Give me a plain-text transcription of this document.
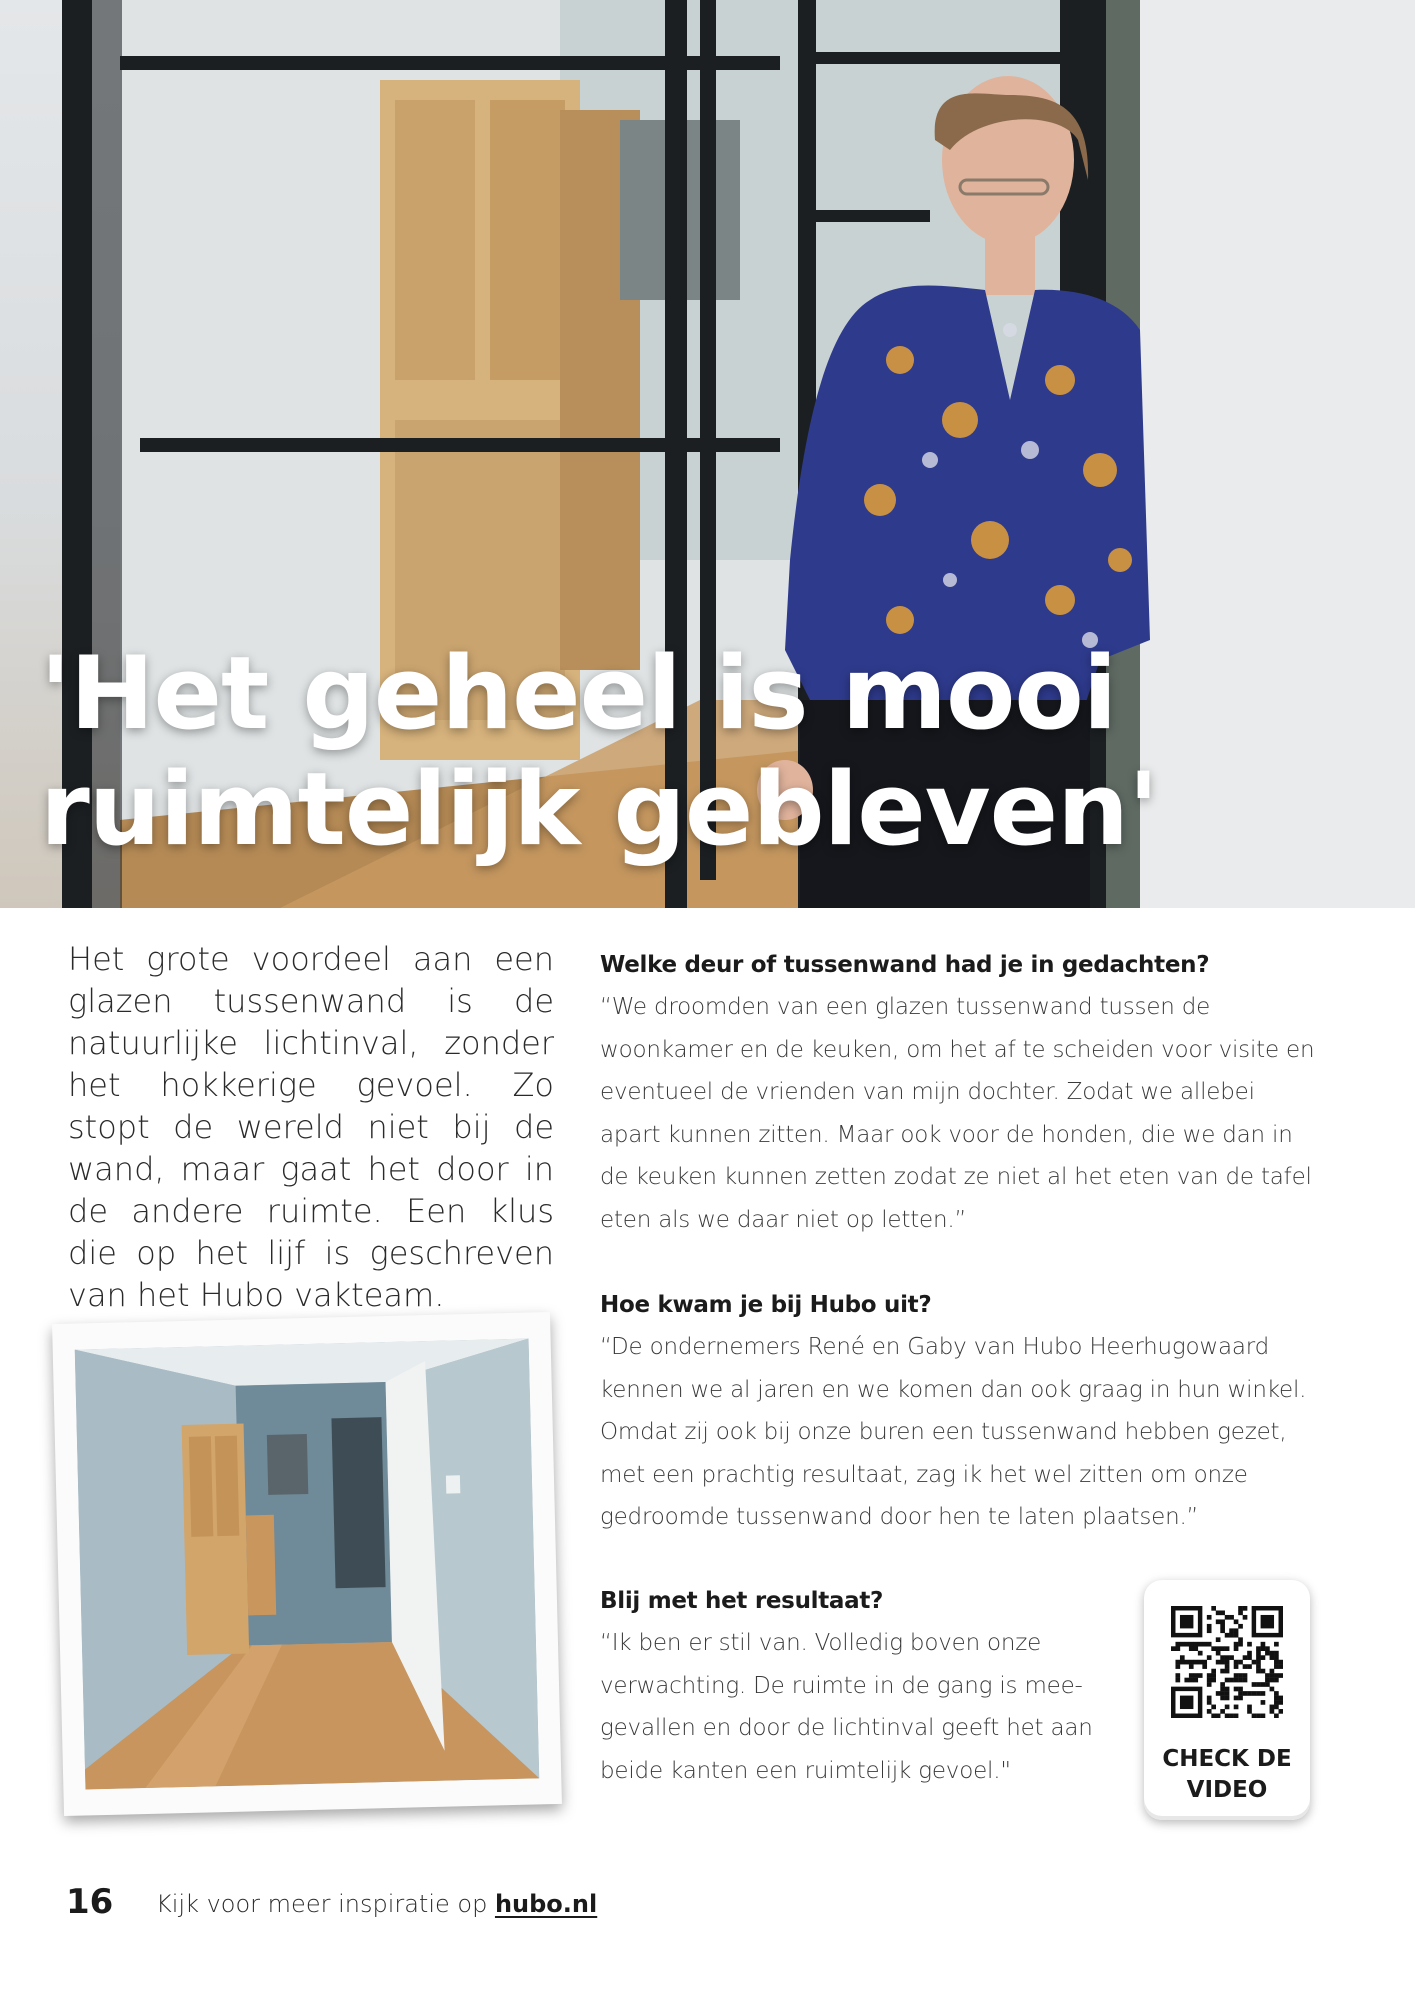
'Het geheel is mooi
ruimtelijk gebleven'

Het grote voordeel aan een glazen tussenwand is de natuurlijke lichtinval, zonder het hokkerige gevoel. Zo stopt de wereld niet bij de wand, maar gaat het door in de andere ruimte. Een klus die op het lijf is geschreven van het Hubo vakteam.

Welke deur of tussenwand had je in gedachten?

“We droomden van een glazen tussenwand tussen de woonkamer en de keuken, om het af te scheiden voor visite en eventueel de vrienden van mijn dochter. Zodat we allebei apart kunnen zitten. Maar ook voor de honden, die we dan in de keuken kunnen zetten zodat ze niet al het eten van de tafel eten als we daar niet op letten.”

Hoe kwam je bij Hubo uit?

“De ondernemers René en Gaby van Hubo Heerhugowaard kennen we al jaren en we komen dan ook graag in hun winkel. Omdat zij ook bij onze buren een tussenwand hebben gezet, met een prachtig resultaat, zag ik het wel zitten om onze gedroomde tussenwand door hen te laten plaatsen.”

Blij met het resultaat?

“Ik ben er stil van. Volledig boven onze verwachting. De ruimte in de gang is mee-gevallen en door de lichtinval geeft het aan beide kanten een ruimtelijk gevoel."	CHECK DE
VIDEO
16 Kijk voor meer inspiratie op hubo.nl
